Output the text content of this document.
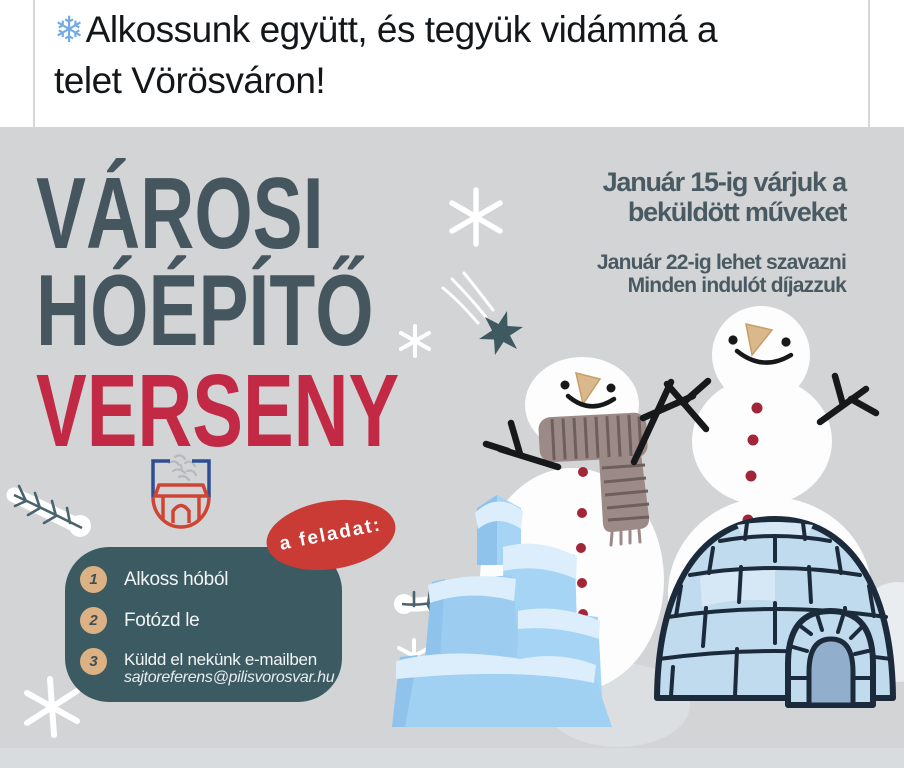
❄Alkossunk együtt, és tegyük vidámmá a
telet Vörösváron!
VÁROSI
HÓÉPÍTŐ
VERSENY
Január 15-ig várjuk a
beküldött műveket
Január 22-ig lehet szavazni
Minden indulót díjazzuk
a feladat:
1	Alkoss hóból
2	Fotózd le
3	Küldd el nekünk e-mailben
sajtoreferens@pilisvorosvar.hu
